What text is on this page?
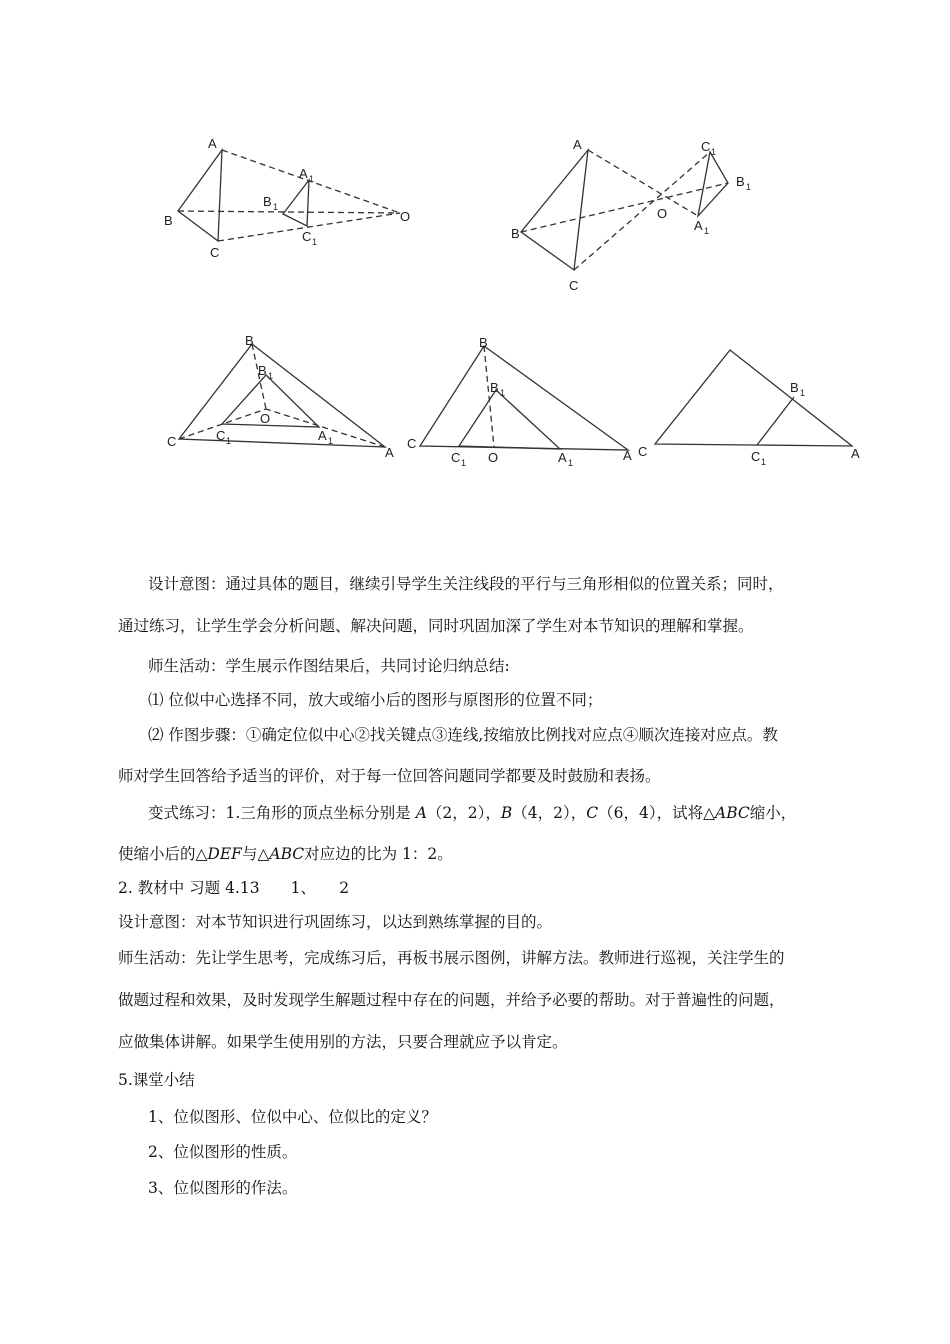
A
B
C
A 1
B 1
C 1
O
A
B
C
C 1
B 1
A 1
O
B
C
A
B 1
O
C 1	A 1
B
B 1
C
C 1 O	A 1	A C	C 1
B 1
A

设计意图：通过具体的题目，继续引导学生关注线段的平行与三角形相似的位置关系；同时，

通过练习，让学生学会分析问题、解决问题，同时巩固加深了学生对本节知识的理解和掌握。

师生活动：学生展示作图结果后，共同讨论归纳总结:

⑴ 位似中心选择不同，放大或缩小后的图形与原图形的位置不同；

⑵ 作图步骤：①确定位似中心②找关键点③连线,按缩放比例找对应点④顺次连接对应点。教

师对学生回答给予适当的评价，对于每一位回答问题同学都要及时鼓励和表扬。

变式练习：1.三角形的顶点坐标分别是 A（2，2），B（4，2），C（6，4），试将△ABC缩小，

使缩小后的△DEF与△ABC对应边的比为 1：2。

2. 教材中 习题 4.13　　1、　　2

设计意图：对本节知识进行巩固练习，以达到熟练掌握的目的。

师生活动：先让学生思考，完成练习后，再板书展示图例，讲解方法。教师进行巡视，关注学生的

做题过程和效果，及时发现学生解题过程中存在的问题，并给予必要的帮助。对于普遍性的问题，

应做集体讲解。如果学生使用别的方法，只要合理就应予以肯定。

5.课堂小结

1、位似图形、位似中心、位似比的定义？

2、位似图形的性质。

3、位似图形的作法。
